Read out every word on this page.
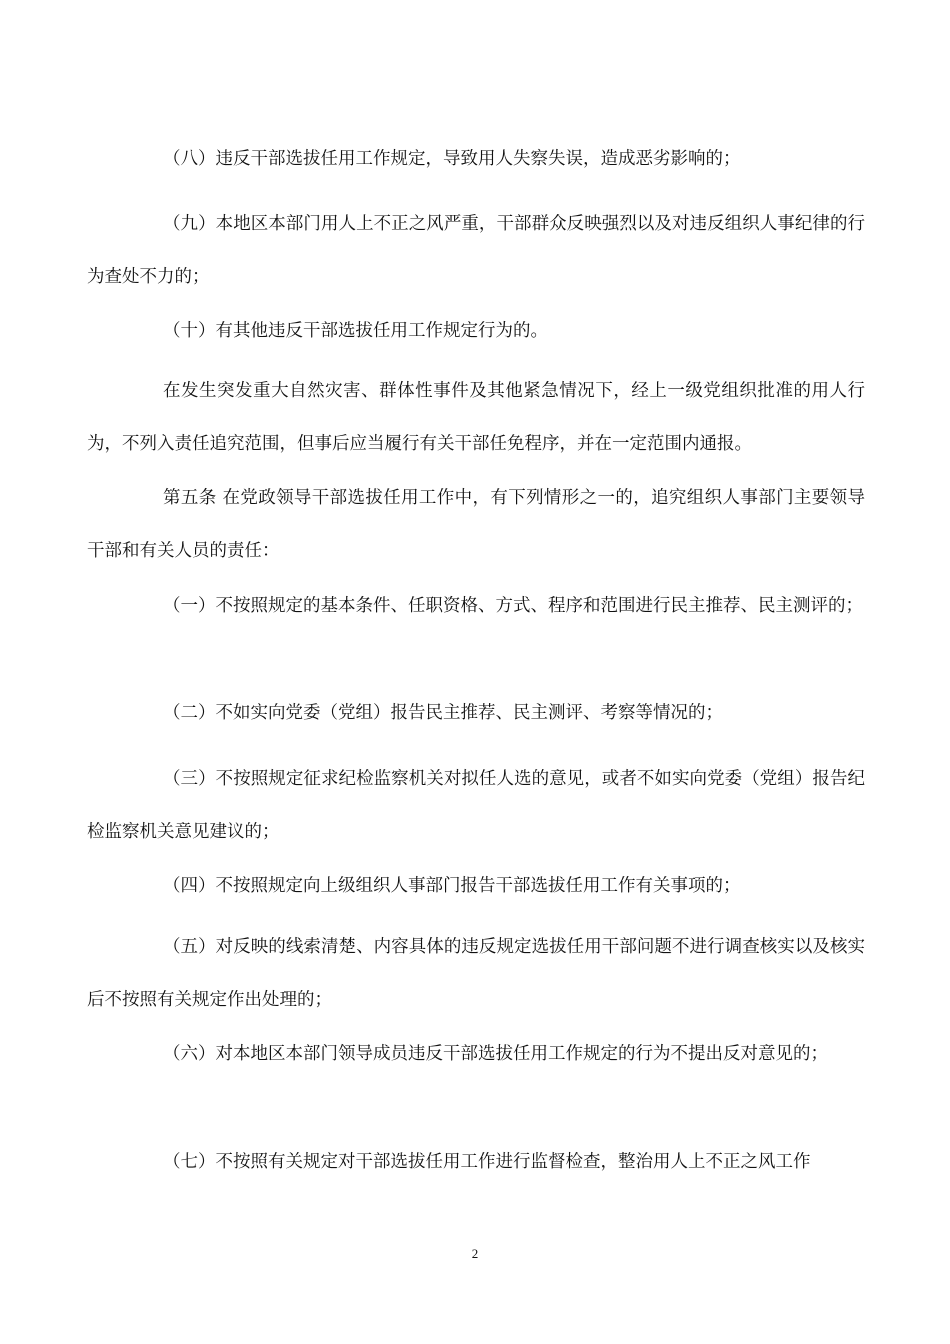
（八）违反干部选拔任用工作规定，导致用人失察失误，造成恶劣影响的；

（九）本地区本部门用人上不正之风严重，干部群众反映强烈以及对违反组织人事纪律的行为查处不力的；

（十）有其他违反干部选拔任用工作规定行为的。

在发生突发重大自然灾害、群体性事件及其他紧急情况下，经上一级党组织批准的用人行为，不列入责任追究范围，但事后应当履行有关干部任免程序，并在一定范围内通报。

第五条 在党政领导干部选拔任用工作中，有下列情形之一的，追究组织人事部门主要领导干部和有关人员的责任：

（一）不按照规定的基本条件、任职资格、方式、程序和范围进行民主推荐、民主测评的；

（二）不如实向党委（党组）报告民主推荐、民主测评、考察等情况的；

（三）不按照规定征求纪检监察机关对拟任人选的意见，或者不如实向党委（党组）报告纪检监察机关意见建议的；

（四）不按照规定向上级组织人事部门报告干部选拔任用工作有关事项的；

（五）对反映的线索清楚、内容具体的违反规定选拔任用干部问题不进行调查核实以及核实后不按照有关规定作出处理的；

（六）对本地区本部门领导成员违反干部选拔任用工作规定的行为不提出反对意见的；

（七）不按照有关规定对干部选拔任用工作进行监督检查，整治用人上不正之风工作

2
